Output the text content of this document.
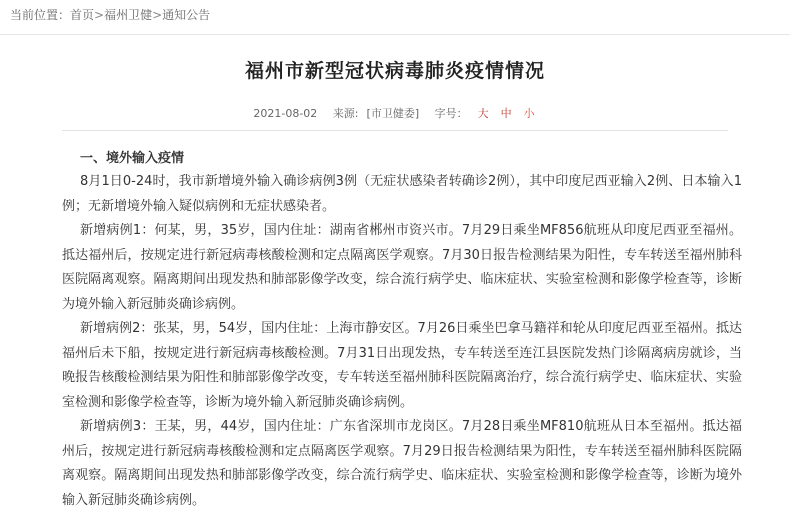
当前位置：首页>福州卫健>通知公告
福州市新型冠状病毒肺炎疫情情况
2021-08-02 来源: [市卫健委] 字号： 大 中 小
一、境外输入疫情

8月1日0-24时，我市新增境外输入确诊病例3例（无症状感染者转确诊2例），其中印度尼西亚输入2例、日本输入1例；无新增境外输入疑似病例和无症状感染者。

新增病例1：何某，男，35岁，国内住址：湖南省郴州市资兴市。7月29日乘坐MF856航班从印度尼西亚至福州。抵达福州后，按规定进行新冠病毒核酸检测和定点隔离医学观察。7月30日报告检测结果为阳性，专车转送至福州肺科医院隔离观察。隔离期间出现发热和肺部影像学改变，综合流行病学史、临床症状、实验室检测和影像学检查等，诊断为境外输入新冠肺炎确诊病例。

新增病例2：张某，男，54岁，国内住址：上海市静安区。7月26日乘坐巴拿马籍祥和轮从印度尼西亚至福州。抵达福州后未下船，按规定进行新冠病毒核酸检测。7月31日出现发热，专车转送至连江县医院发热门诊隔离病房就诊，当晚报告核酸检测结果为阳性和肺部影像学改变，专车转送至福州肺科医院隔离治疗，综合流行病学史、临床症状、实验室检测和影像学检查等，诊断为境外输入新冠肺炎确诊病例。

新增病例3：王某，男，44岁，国内住址：广东省深圳市龙岗区。7月28日乘坐MF810航班从日本至福州。抵达福州后，按规定进行新冠病毒核酸检测和定点隔离医学观察。7月29日报告检测结果为阳性，专车转送至福州肺科医院隔离观察。隔离期间出现发热和肺部影像学改变，综合流行病学史、临床症状、实验室检测和影像学检查等，诊断为境外输入新冠肺炎确诊病例。
